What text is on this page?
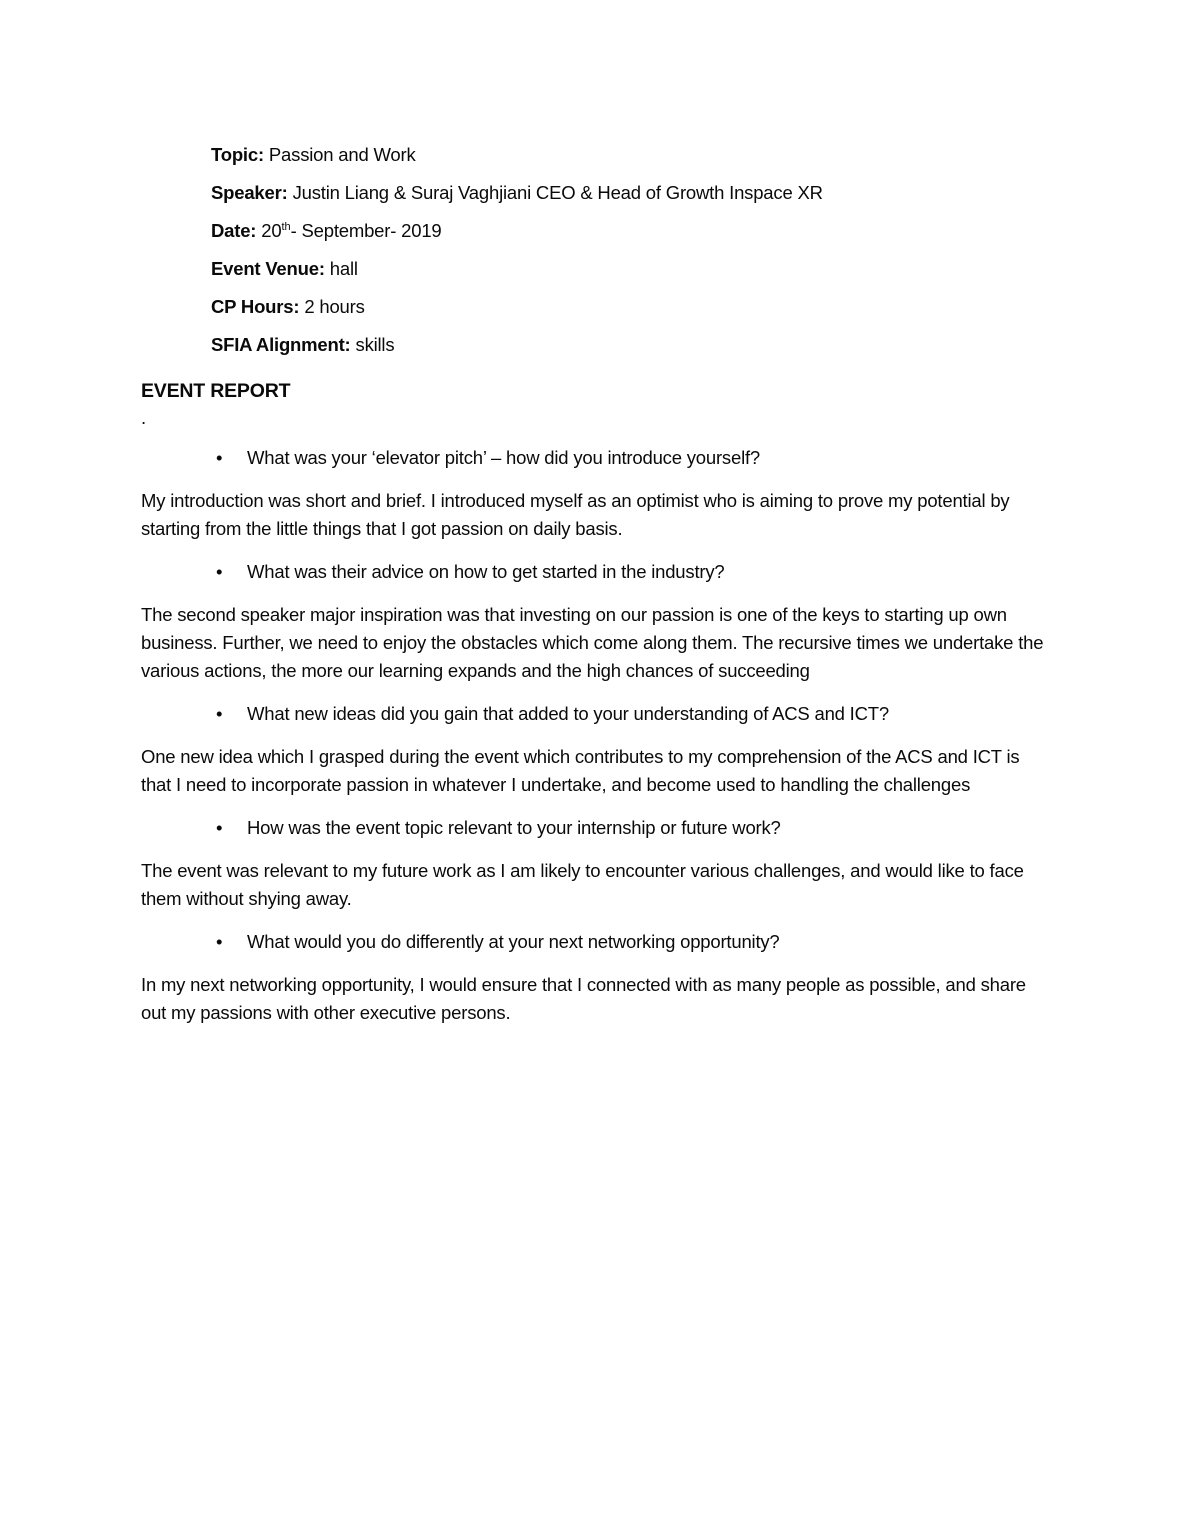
Topic: Passion and Work

Speaker: Justin Liang & Suraj Vaghjiani CEO & Head of Growth Inspace XR

Date: 20th- September- 2019

Event Venue: hall

CP Hours: 2 hours

SFIA Alignment: skills

EVENT REPORT

.

• What was your ‘elevator pitch’ – how did you introduce yourself?

My introduction was short and brief. I introduced myself as an optimist who is aiming to prove my potential by starting from the little things that I got passion on daily basis.

• What was their advice on how to get started in the industry?

The second speaker major inspiration was that investing on our passion is one of the keys to starting up own business. Further, we need to enjoy the obstacles which come along them. The recursive times we undertake the various actions, the more our learning expands and the high chances of succeeding

• What new ideas did you gain that added to your understanding of ACS and ICT?

One new idea which I grasped during the event which contributes to my comprehension of the ACS and ICT is that I need to incorporate passion in whatever I undertake, and become used to handling the challenges

• How was the event topic relevant to your internship or future work?

The event was relevant to my future work as I am likely to encounter various challenges, and would like to face them without shying away.

• What would you do differently at your next networking opportunity?

In my next networking opportunity, I would ensure that I connected with as many people as possible, and share out my passions with other executive persons.
